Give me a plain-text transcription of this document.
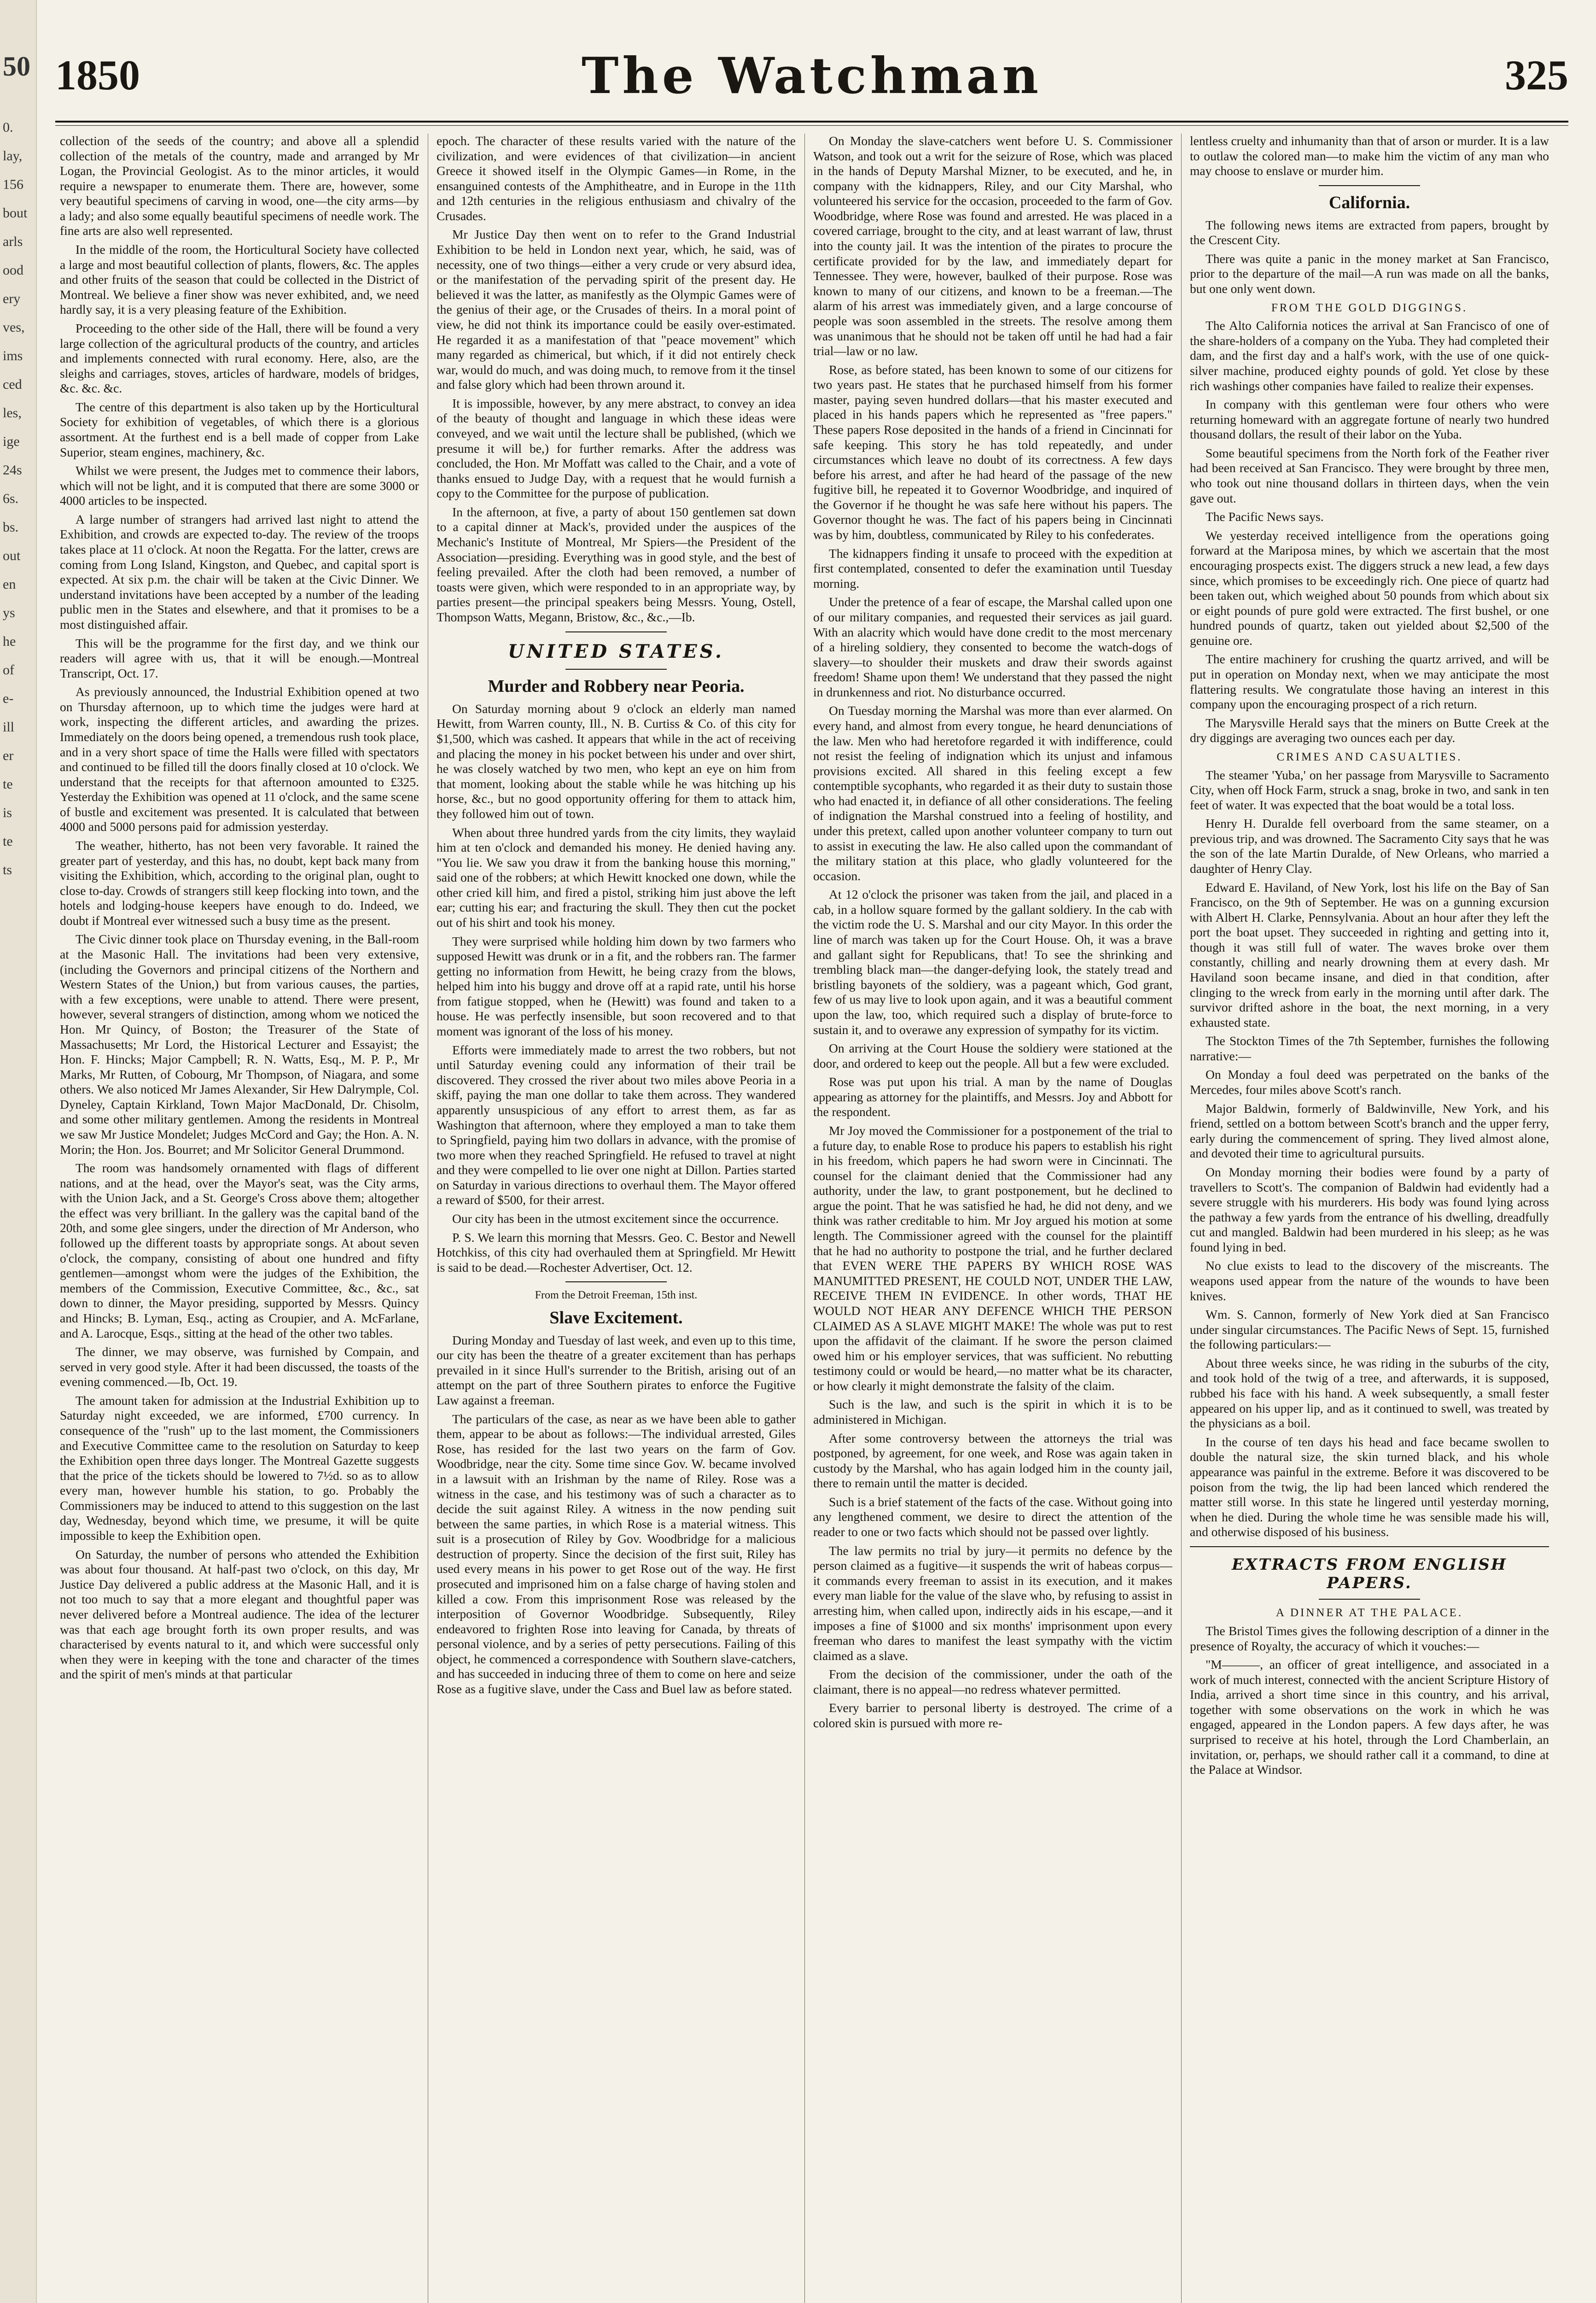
50
0.
lay,
156
bout
arls
ood
ery
ves,
ims
ced
les,
ige
24s
6s.
bs.
out
en
ys
he
of
e-
ill
er
te
is
te
ts
1850	The Watchman	325

collection of the seeds of the country; and above all a splendid collection of the metals of the country, made and arranged by Mr Logan, the Provincial Geologist. As to the minor articles, it would require a newspaper to enumerate them. There are, however, some very beautiful specimens of carving in wood, one—the city arms—by a lady; and also some equally beautiful specimens of needle work. The fine arts are also well represented.

In the middle of the room, the Horticultural Society have collected a large and most beautiful collection of plants, flowers, &c. The apples and other fruits of the season that could be collected in the District of Montreal. We believe a finer show was never exhibited, and, we need hardly say, it is a very pleasing feature of the Exhibition.

Proceeding to the other side of the Hall, there will be found a very large collection of the agricultural products of the country, and articles and implements connected with rural economy. Here, also, are the sleighs and carriages, stoves, articles of hardware, models of bridges, &c. &c. &c.

The centre of this department is also taken up by the Horticultural Society for exhibition of vegetables, of which there is a glorious assortment. At the furthest end is a bell made of copper from Lake Superior, steam engines, machinery, &c.

Whilst we were present, the Judges met to commence their labors, which will not be light, and it is computed that there are some 3000 or 4000 articles to be inspected.

A large number of strangers had arrived last night to attend the Exhibition, and crowds are expected to-day. The review of the troops takes place at 11 o'clock. At noon the Regatta. For the latter, crews are coming from Long Island, Kingston, and Quebec, and capital sport is expected. At six p.m. the chair will be taken at the Civic Dinner. We understand invitations have been accepted by a number of the leading public men in the States and elsewhere, and that it promises to be a most distinguished affair.

This will be the programme for the first day, and we think our readers will agree with us, that it will be enough.—Montreal Transcript, Oct. 17.

As previously announced, the Industrial Exhibition opened at two on Thursday afternoon, up to which time the judges were hard at work, inspecting the different articles, and awarding the prizes. Immediately on the doors being opened, a tremendous rush took place, and in a very short space of time the Halls were filled with spectators and continued to be filled till the doors finally closed at 10 o'clock. We understand that the receipts for that afternoon amounted to £325. Yesterday the Exhibition was opened at 11 o'clock, and the same scene of bustle and excitement was presented. It is calculated that between 4000 and 5000 persons paid for admission yesterday.

The weather, hitherto, has not been very favorable. It rained the greater part of yesterday, and this has, no doubt, kept back many from visiting the Exhibition, which, according to the original plan, ought to close to-day. Crowds of strangers still keep flocking into town, and the hotels and lodging-house keepers have enough to do. Indeed, we doubt if Montreal ever witnessed such a busy time as the present.

The Civic dinner took place on Thursday evening, in the Ball-room at the Masonic Hall. The invitations had been very extensive, (including the Governors and principal citizens of the Northern and Western States of the Union,) but from various causes, the parties, with a few exceptions, were unable to attend. There were present, however, several strangers of distinction, among whom we noticed the Hon. Mr Quincy, of Boston; the Treasurer of the State of Massachusetts; Mr Lord, the Historical Lecturer and Essayist; the Hon. F. Hincks; Major Campbell; R. N. Watts, Esq., M. P. P., Mr Marks, Mr Rutten, of Cobourg, Mr Thompson, of Niagara, and some others. We also noticed Mr James Alexander, Sir Hew Dalrymple, Col. Dyneley, Captain Kirkland, Town Major MacDonald, Dr. Chisolm, and some other military gentlemen. Among the residents in Montreal we saw Mr Justice Mondelet; Judges McCord and Gay; the Hon. A. N. Morin; the Hon. Jos. Bourret; and Mr Solicitor General Drummond.

The room was handsomely ornamented with flags of different nations, and at the head, over the Mayor's seat, was the City arms, with the Union Jack, and a St. George's Cross above them; altogether the effect was very brilliant. In the gallery was the capital band of the 20th, and some glee singers, under the direction of Mr Anderson, who followed up the different toasts by appropriate songs. At about seven o'clock, the company, consisting of about one hundred and fifty gentlemen—amongst whom were the judges of the Exhibition, the members of the Commission, Executive Committee, &c., &c., sat down to dinner, the Mayor presiding, supported by Messrs. Quincy and Hincks; B. Lyman, Esq., acting as Croupier, and A. McFarlane, and A. Larocque, Esqs., sitting at the head of the other two tables.

The dinner, we may observe, was furnished by Compain, and served in very good style. After it had been discussed, the toasts of the evening commenced.—Ib, Oct. 19.

The amount taken for admission at the Industrial Exhibition up to Saturday night exceeded, we are informed, £700 currency. In consequence of the "rush" up to the last moment, the Commissioners and Executive Committee came to the resolution on Saturday to keep the Exhibition open three days longer. The Montreal Gazette suggests that the price of the tickets should be lowered to 7½d. so as to allow every man, however humble his station, to go. Probably the Commissioners may be induced to attend to this suggestion on the last day, Wednesday, beyond which time, we presume, it will be quite impossible to keep the Exhibition open.

On Saturday, the number of persons who attended the Exhibition was about four thousand. At half-past two o'clock, on this day, Mr Justice Day delivered a public address at the Masonic Hall, and it is not too much to say that a more elegant and thoughtful paper was never delivered before a Montreal audience. The idea of the lecturer was that each age brought forth its own proper results, and was characterised by events natural to it, and which were successful only when they were in keeping with the tone and character of the times and the spirit of men's minds at that particular

epoch. The character of these results varied with the nature of the civilization, and were evidences of that civilization—in ancient Greece it showed itself in the Olympic Games—in Rome, in the ensanguined contests of the Amphitheatre, and in Europe in the 11th and 12th centuries in the religious enthusiasm and chivalry of the Crusades.

Mr Justice Day then went on to refer to the Grand Industrial Exhibition to be held in London next year, which, he said, was of necessity, one of two things—either a very crude or very absurd idea, or the manifestation of the pervading spirit of the present day. He believed it was the latter, as manifestly as the Olympic Games were of the genius of their age, or the Crusades of theirs. In a moral point of view, he did not think its importance could be easily over-estimated. He regarded it as a manifestation of that "peace movement" which many regarded as chimerical, but which, if it did not entirely check war, would do much, and was doing much, to remove from it the tinsel and false glory which had been thrown around it.

It is impossible, however, by any mere abstract, to convey an idea of the beauty of thought and language in which these ideas were conveyed, and we wait until the lecture shall be published, (which we presume it will be,) for further remarks. After the address was concluded, the Hon. Mr Moffatt was called to the Chair, and a vote of thanks ensued to Judge Day, with a request that he would furnish a copy to the Committee for the purpose of publication.

In the afternoon, at five, a party of about 150 gentlemen sat down to a capital dinner at Mack's, provided under the auspices of the Mechanic's Institute of Montreal, Mr Spiers—the President of the Association—presiding. Everything was in good style, and the best of feeling prevailed. After the cloth had been removed, a number of toasts were given, which were responded to in an appropriate way, by parties present—the principal speakers being Messrs. Young, Ostell, Thompson Watts, Megann, Bristow, &c., &c.,—Ib.

UNITED STATES.
Murder and Robbery near Peoria.

On Saturday morning about 9 o'clock an elderly man named Hewitt, from Warren county, Ill., N. B. Curtiss & Co. of this city for $1,500, which was cashed. It appears that while in the act of receiving and placing the money in his pocket between his under and over shirt, he was closely watched by two men, who kept an eye on him from that moment, looking about the stable while he was hitching up his horse, &c., but no good opportunity offering for them to attack him, they followed him out of town.

When about three hundred yards from the city limits, they waylaid him at ten o'clock and demanded his money. He denied having any. "You lie. We saw you draw it from the banking house this morning," said one of the robbers; at which Hewitt knocked one down, while the other cried kill him, and fired a pistol, striking him just above the left ear; cutting his ear; and fracturing the skull. They then cut the pocket out of his shirt and took his money.

They were surprised while holding him down by two farmers who supposed Hewitt was drunk or in a fit, and the robbers ran. The farmer getting no information from Hewitt, he being crazy from the blows, helped him into his buggy and drove off at a rapid rate, until his horse from fatigue stopped, when he (Hewitt) was found and taken to a house. He was perfectly insensible, but soon recovered and to that moment was ignorant of the loss of his money.

Efforts were immediately made to arrest the two robbers, but not until Saturday evening could any information of their trail be discovered. They crossed the river about two miles above Peoria in a skiff, paying the man one dollar to take them across. They wandered apparently unsuspicious of any effort to arrest them, as far as Washington that afternoon, where they employed a man to take them to Springfield, paying him two dollars in advance, with the promise of two more when they reached Springfield. He refused to travel at night and they were compelled to lie over one night at Dillon. Parties started on Saturday in various directions to overhaul them. The Mayor offered a reward of $500, for their arrest.

Our city has been in the utmost excitement since the occurrence.

P. S. We learn this morning that Messrs. Geo. C. Bestor and Newell Hotchkiss, of this city had overhauled them at Springfield. Mr Hewitt is said to be dead.—Rochester Advertiser, Oct. 12.

From the Detroit Freeman, 15th inst.
Slave Excitement.

During Monday and Tuesday of last week, and even up to this time, our city has been the theatre of a greater excitement than has perhaps prevailed in it since Hull's surrender to the British, arising out of an attempt on the part of three Southern pirates to enforce the Fugitive Law against a freeman.

The particulars of the case, as near as we have been able to gather them, appear to be about as follows:—The individual arrested, Giles Rose, has resided for the last two years on the farm of Gov. Woodbridge, near the city. Some time since Gov. W. became involved in a lawsuit with an Irishman by the name of Riley. Rose was a witness in the case, and his testimony was of such a character as to decide the suit against Riley. A witness in the now pending suit between the same parties, in which Rose is a material witness. This suit is a prosecution of Riley by Gov. Woodbridge for a malicious destruction of property. Since the decision of the first suit, Riley has used every means in his power to get Rose out of the way. He first prosecuted and imprisoned him on a false charge of having stolen and killed a cow. From this imprisonment Rose was released by the interposition of Governor Woodbridge. Subsequently, Riley endeavored to frighten Rose into leaving for Canada, by threats of personal violence, and by a series of petty persecutions. Failing of this object, he commenced a correspondence with Southern slave-catchers, and has succeeded in inducing three of them to come on here and seize Rose as a fugitive slave, under the Cass and Buel law as before stated.

On Monday the slave-catchers went before U. S. Commissioner Watson, and took out a writ for the seizure of Rose, which was placed in the hands of Deputy Marshal Mizner, to be executed, and he, in company with the kidnappers, Riley, and our City Marshal, who volunteered his service for the occasion, proceeded to the farm of Gov. Woodbridge, where Rose was found and arrested. He was placed in a covered carriage, brought to the city, and at least warrant of law, thrust into the county jail. It was the intention of the pirates to procure the certificate provided for by the law, and immediately depart for Tennessee. They were, however, baulked of their purpose. Rose was known to many of our citizens, and known to be a freeman.—The alarm of his arrest was immediately given, and a large concourse of people was soon assembled in the streets. The resolve among them was unanimous that he should not be taken off until he had had a fair trial—law or no law.

Rose, as before stated, has been known to some of our citizens for two years past. He states that he purchased himself from his former master, paying seven hundred dollars—that his master executed and placed in his hands papers which he represented as "free papers." These papers Rose deposited in the hands of a friend in Cincinnati for safe keeping. This story he has told repeatedly, and under circumstances which leave no doubt of its correctness. A few days before his arrest, and after he had heard of the passage of the new fugitive bill, he repeated it to Governor Woodbridge, and inquired of the Governor if he thought he was safe here without his papers. The Governor thought he was. The fact of his papers being in Cincinnati was by him, doubtless, communicated by Riley to his confederates.

The kidnappers finding it unsafe to proceed with the expedition at first contemplated, consented to defer the examination until Tuesday morning.

Under the pretence of a fear of escape, the Marshal called upon one of our military companies, and requested their services as jail guard. With an alacrity which would have done credit to the most mercenary of a hireling soldiery, they consented to become the watch-dogs of slavery—to shoulder their muskets and draw their swords against freedom! Shame upon them! We understand that they passed the night in drunkenness and riot. No disturbance occurred.

On Tuesday morning the Marshal was more than ever alarmed. On every hand, and almost from every tongue, he heard denunciations of the law. Men who had heretofore regarded it with indifference, could not resist the feeling of indignation which its unjust and infamous provisions excited. All shared in this feeling except a few contemptible sycophants, who regarded it as their duty to sustain those who had enacted it, in defiance of all other considerations. The feeling of indignation the Marshal construed into a feeling of hostility, and under this pretext, called upon another volunteer company to turn out to assist in executing the law. He also called upon the commandant of the military station at this place, who gladly volunteered for the occasion.

At 12 o'clock the prisoner was taken from the jail, and placed in a cab, in a hollow square formed by the gallant soldiery. In the cab with the victim rode the U. S. Marshal and our city Mayor. In this order the line of march was taken up for the Court House. Oh, it was a brave and gallant sight for Republicans, that! To see the shrinking and trembling black man—the danger-defying look, the stately tread and bristling bayonets of the soldiery, was a pageant which, God grant, few of us may live to look upon again, and it was a beautiful comment upon the law, too, which required such a display of brute-force to sustain it, and to overawe any expression of sympathy for its victim.

On arriving at the Court House the soldiery were stationed at the door, and ordered to keep out the people. All but a few were excluded.

Rose was put upon his trial. A man by the name of Douglas appearing as attorney for the plaintiffs, and Messrs. Joy and Abbott for the respondent.

Mr Joy moved the Commissioner for a postponement of the trial to a future day, to enable Rose to produce his papers to establish his right in his freedom, which papers he had sworn were in Cincinnati. The counsel for the claimant denied that the Commissioner had any authority, under the law, to grant postponement, but he declined to argue the point. That he was satisfied he had, he did not deny, and we think was rather creditable to him. Mr Joy argued his motion at some length. The Commissioner agreed with the counsel for the plaintiff that he had no authority to postpone the trial, and he further declared that EVEN WERE THE PAPERS BY WHICH ROSE WAS MANUMITTED PRESENT, HE COULD NOT, UNDER THE LAW, RECEIVE THEM IN EVIDENCE. In other words, THAT HE WOULD NOT HEAR ANY DEFENCE WHICH THE PERSON CLAIMED AS A SLAVE MIGHT MAKE! The whole was put to rest upon the affidavit of the claimant. If he swore the person claimed owed him or his employer services, that was sufficient. No rebutting testimony could or would be heard,—no matter what be its character, or how clearly it might demonstrate the falsity of the claim.

Such is the law, and such is the spirit in which it is to be administered in Michigan.

After some controversy between the attorneys the trial was postponed, by agreement, for one week, and Rose was again taken in custody by the Marshal, who has again lodged him in the county jail, there to remain until the matter is decided.

Such is a brief statement of the facts of the case. Without going into any lengthened comment, we desire to direct the attention of the reader to one or two facts which should not be passed over lightly.

The law permits no trial by jury—it permits no defence by the person claimed as a fugitive—it suspends the writ of habeas corpus—it commands every freeman to assist in its execution, and it makes every man liable for the value of the slave who, by refusing to assist in arresting him, when called upon, indirectly aids in his escape,—and it imposes a fine of $1000 and six months' imprisonment upon every freeman who dares to manifest the least sympathy with the victim claimed as a slave.

From the decision of the commissioner, under the oath of the claimant, there is no appeal—no redress whatever permitted.

Every barrier to personal liberty is destroyed. The crime of a colored skin is pursued with more re-

lentless cruelty and inhumanity than that of arson or murder. It is a law to outlaw the colored man—to make him the victim of any man who may choose to enslave or murder him.

California.

The following news items are extracted from papers, brought by the Crescent City.

There was quite a panic in the money market at San Francisco, prior to the departure of the mail—A run was made on all the banks, but one only went down.

FROM THE GOLD DIGGINGS.

The Alto California notices the arrival at San Francisco of one of the share-holders of a company on the Yuba. They had completed their dam, and the first day and a half's work, with the use of one quick-silver machine, produced eighty pounds of gold. Yet close by these rich washings other companies have failed to realize their expenses.

In company with this gentleman were four others who were returning homeward with an aggregate fortune of nearly two hundred thousand dollars, the result of their labor on the Yuba.

Some beautiful specimens from the North fork of the Feather river had been received at San Francisco. They were brought by three men, who took out nine thousand dollars in thirteen days, when the vein gave out.

The Pacific News says.

We yesterday received intelligence from the operations going forward at the Mariposa mines, by which we ascertain that the most encouraging prospects exist. The diggers struck a new lead, a few days since, which promises to be exceedingly rich. One piece of quartz had been taken out, which weighed about 50 pounds from which about six or eight pounds of pure gold were extracted. The first bushel, or one hundred pounds of quartz, taken out yielded about $2,500 of the genuine ore.

The entire machinery for crushing the quartz arrived, and will be put in operation on Monday next, when we may anticipate the most flattering results. We congratulate those having an interest in this company upon the encouraging prospect of a rich return.

The Marysville Herald says that the miners on Butte Creek at the dry diggings are averaging two ounces each per day.

CRIMES AND CASUALTIES.

The steamer 'Yuba,' on her passage from Marysville to Sacramento City, when off Hock Farm, struck a snag, broke in two, and sank in ten feet of water. It was expected that the boat would be a total loss.

Henry H. Duralde fell overboard from the same steamer, on a previous trip, and was drowned. The Sacramento City says that he was the son of the late Martin Duralde, of New Orleans, who married a daughter of Henry Clay.

Edward E. Haviland, of New York, lost his life on the Bay of San Francisco, on the 9th of September. He was on a gunning excursion with Albert H. Clarke, Pennsylvania. About an hour after they left the port the boat upset. They succeeded in righting and getting into it, though it was still full of water. The waves broke over them constantly, chilling and nearly drowning them at every dash. Mr Haviland soon became insane, and died in that condition, after clinging to the wreck from early in the morning until after dark. The survivor drifted ashore in the boat, the next morning, in a very exhausted state.

The Stockton Times of the 7th September, furnishes the following narrative:—

On Monday a foul deed was perpetrated on the banks of the Mercedes, four miles above Scott's ranch.

Major Baldwin, formerly of Baldwinville, New York, and his friend, settled on a bottom between Scott's branch and the upper ferry, early during the commencement of spring. They lived almost alone, and devoted their time to agricultural pursuits.

On Monday morning their bodies were found by a party of travellers to Scott's. The companion of Baldwin had evidently had a severe struggle with his murderers. His body was found lying across the pathway a few yards from the entrance of his dwelling, dreadfully cut and mangled. Baldwin had been murdered in his sleep; as he was found lying in bed.

No clue exists to lead to the discovery of the miscreants. The weapons used appear from the nature of the wounds to have been knives.

Wm. S. Cannon, formerly of New York died at San Francisco under singular circumstances. The Pacific News of Sept. 15, furnished the following particulars:—

About three weeks since, he was riding in the suburbs of the city, and took hold of the twig of a tree, and afterwards, it is supposed, rubbed his face with his hand. A week subsequently, a small fester appeared on his upper lip, and as it continued to swell, was treated by the physicians as a boil.

In the course of ten days his head and face became swollen to double the natural size, the skin turned black, and his whole appearance was painful in the extreme. Before it was discovered to be poison from the twig, the lip had been lanced which rendered the matter still worse. In this state he lingered until yesterday morning, when he died. During the whole time he was sensible made his will, and otherwise disposed of his business.

EXTRACTS FROM ENGLISH PAPERS.
A DINNER AT THE PALACE.

The Bristol Times gives the following description of a dinner in the presence of Royalty, the accuracy of which it vouches:—

"M———, an officer of great intelligence, and associated in a work of much interest, connected with the ancient Scripture History of India, arrived a short time since in this country, and his arrival, together with some observations on the work in which he was engaged, appeared in the London papers. A few days after, he was surprised to receive at his hotel, through the Lord Chamberlain, an invitation, or, perhaps, we should rather call it a command, to dine at the Palace at Windsor.
